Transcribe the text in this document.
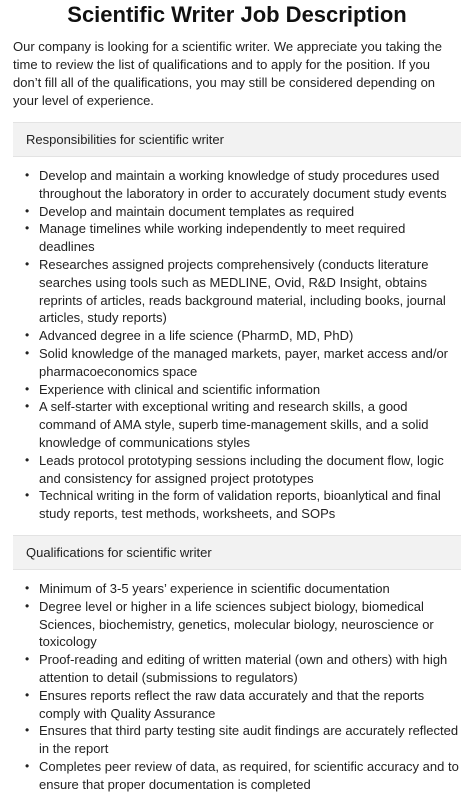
Scientific Writer Job Description

Our company is looking for a scientific writer. We appreciate you taking the time to review the list of qualifications and to apply for the position. If you don’t fill all of the qualifications, you may still be considered depending on your level of experience.

Responsibilities for scientific writer
• Develop and maintain a working knowledge of study procedures used throughout the laboratory in order to accurately document study events
• Develop and maintain document templates as required
• Manage timelines while working independently to meet required deadlines
• Researches assigned projects comprehensively (conducts literature searches using tools such as MEDLINE, Ovid, R&D Insight, obtains reprints of articles, reads background material, including books, journal articles, study reports)
• Advanced degree in a life science (PharmD, MD, PhD)
• Solid knowledge of the managed markets, payer, market access and/or pharmacoeconomics space
• Experience with clinical and scientific information
• A self-starter with exceptional writing and research skills, a good command of AMA style, superb time-management skills, and a solid knowledge of communications styles
• Leads protocol prototyping sessions including the document flow, logic and consistency for assigned project prototypes
• Technical writing in the form of validation reports, bioanlytical and final study reports, test methods, worksheets, and SOPs
Qualifications for scientific writer
• Minimum of 3-5 years’ experience in scientific documentation
• Degree level or higher in a life sciences subject biology, biomedical Sciences, biochemistry, genetics, molecular biology, neuroscience or toxicology
• Proof-reading and editing of written material (own and others) with high attention to detail (submissions to regulators)
• Ensures reports reflect the raw data accurately and that the reports comply with Quality Assurance
• Ensures that third party testing site audit findings are accurately reflected in the report
• Completes peer review of data, as required, for scientific accuracy and to ensure that proper documentation is completed
